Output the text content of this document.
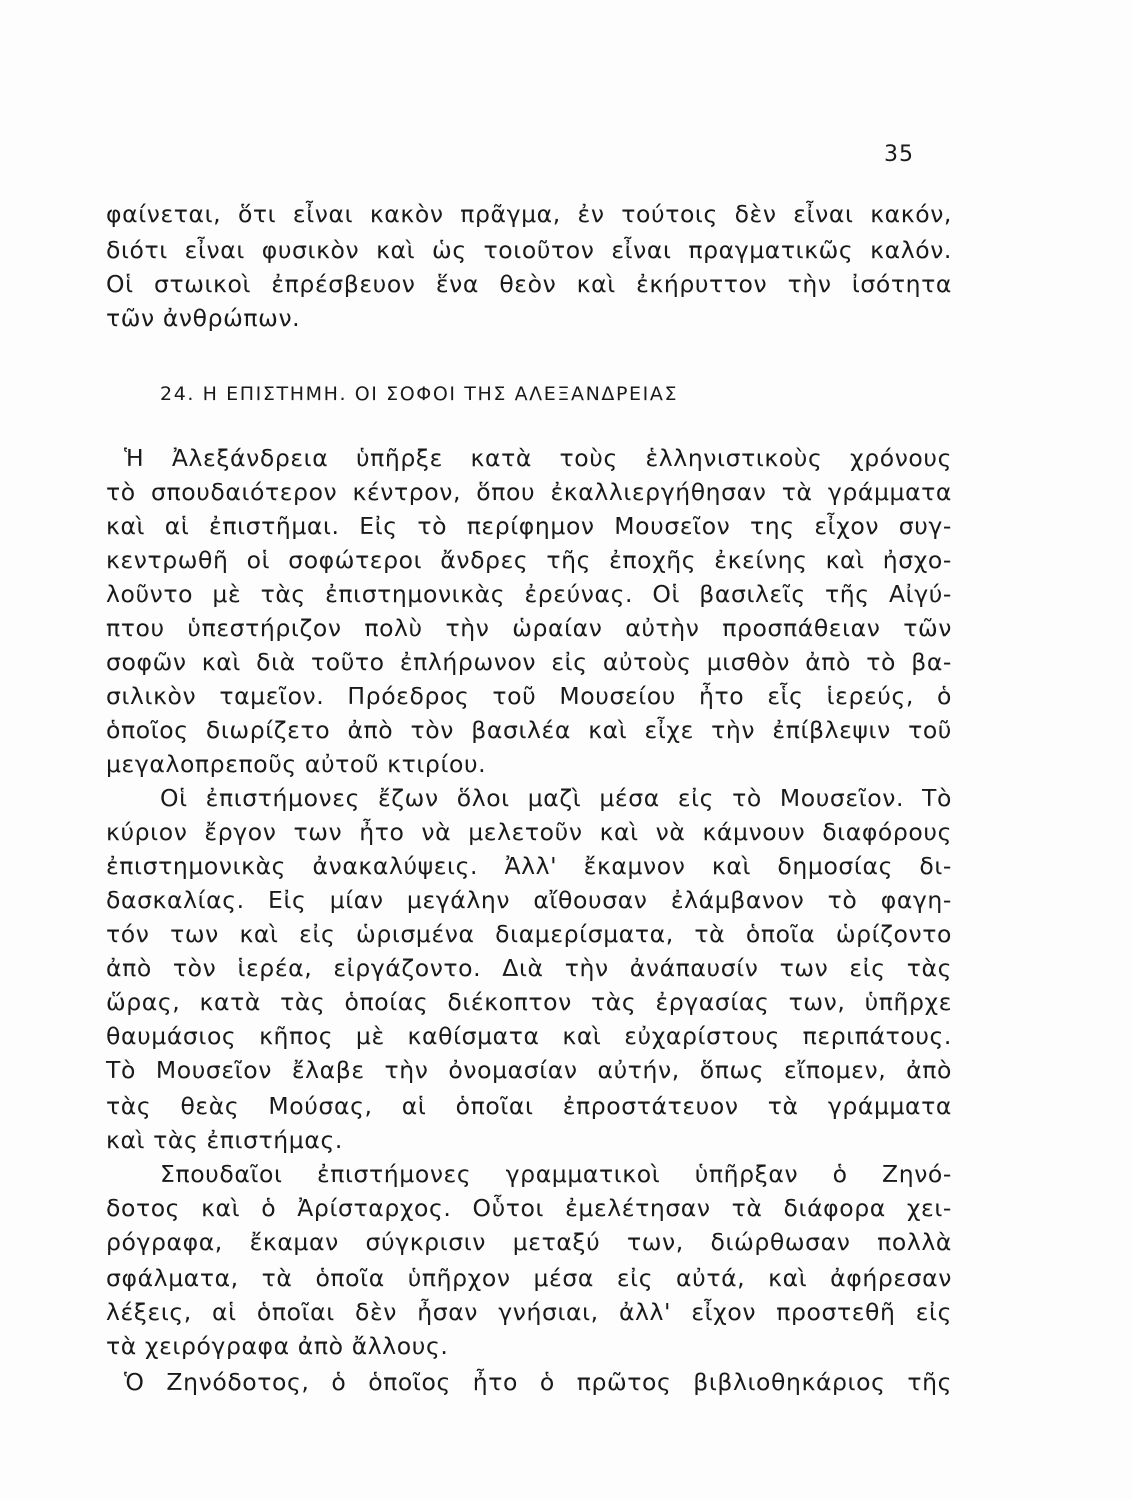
35
φαίνεται, ὅτι εἶναι κακὸν πρᾶγμα, ἐν τούτοις δὲν εἶναι κακόν,
διότι εἶναι φυσικὸν καὶ ὡς τοιοῦτον εἶναι πραγματικῶς καλόν.
Οἱ στωικοὶ ἐπρέσβευον ἕνα θεὸν καὶ ἐκήρυττον τὴν ἰσότητα
τῶν ἀνθρώπων.
24. Η ΕΠΙΣΤΗΜΗ. ΟΙ ΣΟΦΟΙ ΤΗΣ ΑΛΕΞΑΝΔΡΕΙΑΣ
Ἡ Ἀλεξάνδρεια ὑπῆρξε κατὰ τοὺς ἑλληνιστικοὺς χρόνους
τὸ σπουδαιότερον κέντρον, ὅπου ἐκαλλιεργήθησαν τὰ γράμματα
καὶ αἱ ἐπιστῆμαι. Εἰς τὸ περίφημον Μουσεῖον της εἶχον συγ-
κεντρωθῆ οἱ σοφώτεροι ἄνδρες τῆς ἐποχῆς ἐκείνης καὶ ἠσχο-
λοῦντο μὲ τὰς ἐπιστημονικὰς ἐρεύνας. Οἱ βασιλεῖς τῆς Αἰγύ-
πτου ὑπεστήριζον πολὺ τὴν ὡραίαν αὐτὴν προσπάθειαν τῶν
σοφῶν καὶ διὰ τοῦτο ἐπλήρωνον εἰς αὐτοὺς μισθὸν ἀπὸ τὸ βα-
σιλικὸν ταμεῖον. Πρόεδρος τοῦ Μουσείου ἦτο εἷς ἱερεύς, ὁ
ὁποῖος διωρίζετο ἀπὸ τὸν βασιλέα καὶ εἶχε τὴν ἐπίβλεψιν τοῦ
μεγαλοπρεποῦς αὐτοῦ κτιρίου.
Οἱ ἐπιστήμονες ἔζων ὅλοι μαζὶ μέσα εἰς τὸ Μουσεῖον. Τὸ
κύριον ἔργον των ἦτο νὰ μελετοῦν καὶ νὰ κάμνουν διαφόρους
ἐπιστημονικὰς ἀνακαλύψεις. Ἀλλ' ἔκαμνον καὶ δημοσίας δι-
δασκαλίας. Εἰς μίαν μεγάλην αἴθουσαν ἐλάμβανον τὸ φαγη-
τόν των καὶ εἰς ὡρισμένα διαμερίσματα, τὰ ὁποῖα ὡρίζοντο
ἀπὸ τὸν ἱερέα, εἰργάζοντο. Διὰ τὴν ἀνάπαυσίν των εἰς τὰς
ὥρας, κατὰ τὰς ὁποίας διέκοπτον τὰς ἐργασίας των, ὑπῆρχε
θαυμάσιος κῆπος μὲ καθίσματα καὶ εὐχαρίστους περιπάτους.
Τὸ Μουσεῖον ἔλαβε τὴν ὀνομασίαν αὐτήν, ὅπως εἴπομεν, ἀπὸ
τὰς θεὰς Μούσας, αἱ ὁποῖαι ἐπροστάτευον τὰ γράμματα
καὶ τὰς ἐπιστήμας.
Σπουδαῖοι ἐπιστήμονες γραμματικοὶ ὑπῆρξαν ὁ Ζηνό-
δοτος καὶ ὁ Ἀρίσταρχος. Οὗτοι ἐμελέτησαν τὰ διάφορα χει-
ρόγραφα, ἔκαμαν σύγκρισιν μεταξύ των, διώρθωσαν πολλὰ
σφάλματα, τὰ ὁποῖα ὑπῆρχον μέσα εἰς αὐτά, καὶ ἀφήρεσαν
λέξεις, αἱ ὁποῖαι δὲν ἦσαν γνήσιαι, ἀλλ' εἶχον προστεθῆ εἰς
τὰ χειρόγραφα ἀπὸ ἄλλους.
Ὁ Ζηνόδοτος, ὁ ὁποῖος ἦτο ὁ πρῶτος βιβλιοθηκάριος τῆς
